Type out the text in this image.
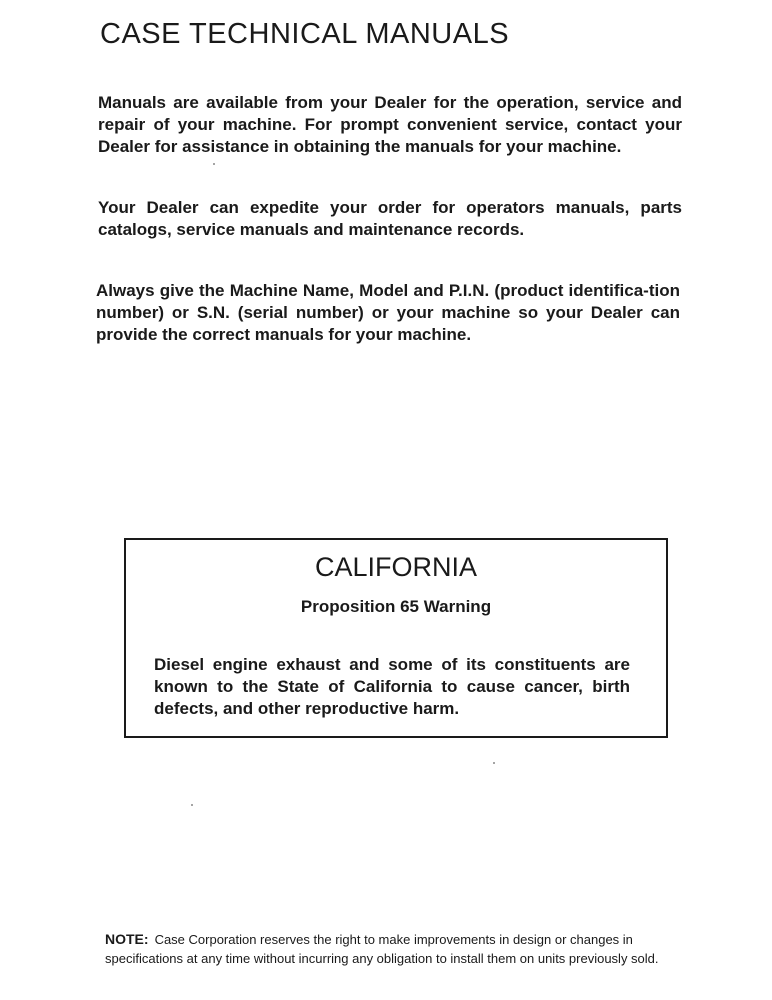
CASE TECHNICAL MANUALS

Manuals are available from your Dealer for the operation, service and repair of your machine. For prompt convenient service, contact your Dealer for assistance in obtaining the manuals for your machine.

Your Dealer can expedite your order for operators manuals, parts catalogs, service manuals and maintenance records.

Always give the Machine Name, Model and P.I.N. (product identifica-tion number) or S.N. (serial number) or your machine so your Dealer can provide the correct manuals for your machine.

CALIFORNIA
Proposition 65 Warning

Diesel engine exhaust and some of its constituents are known to the State of California to cause cancer, birth defects, and other reproductive harm.

NOTE: Case Corporation reserves the right to make improvements in design or changes in specifications at any time without incurring any obligation to install them on units previously sold.
